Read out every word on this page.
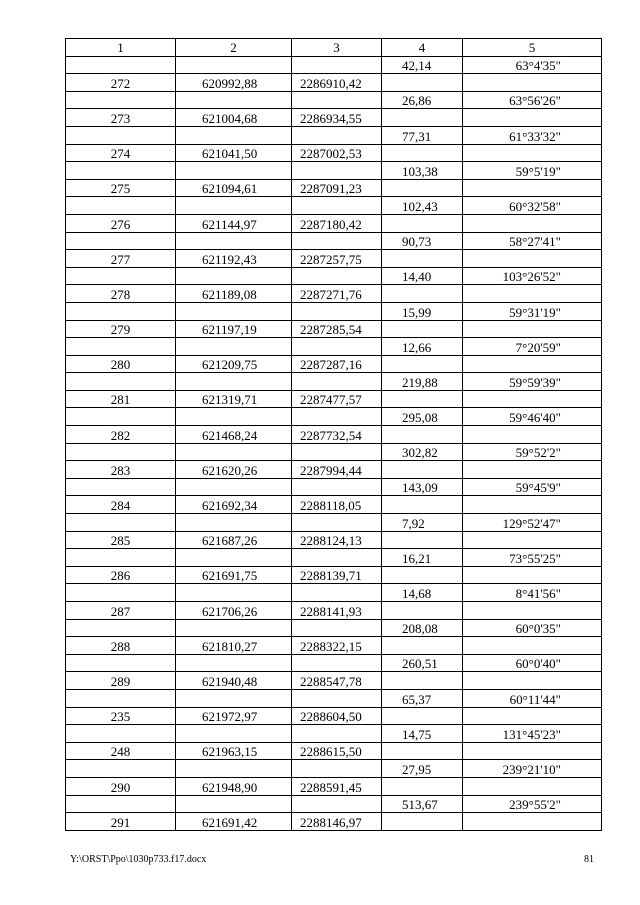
1	2	3	4	5
			42,14	63°4'35"
272	620992,88	2286910,42		
			26,86	63°56'26"
273	621004,68	2286934,55		
			77,31	61°33'32"
274	621041,50	2287002,53		
			103,38	59°5'19"
275	621094,61	2287091,23		
			102,43	60°32'58"
276	621144,97	2287180,42		
			90,73	58°27'41"
277	621192,43	2287257,75		
			14,40	103°26'52"
278	621189,08	2287271,76		
			15,99	59°31'19"
279	621197,19	2287285,54		
			12,66	7°20'59"
280	621209,75	2287287,16		
			219,88	59°59'39"
281	621319,71	2287477,57		
			295,08	59°46'40"
282	621468,24	2287732,54		
			302,82	59°52'2"
283	621620,26	2287994,44		
			143,09	59°45'9"
284	621692,34	2288118,05		
			7,92	129°52'47"
285	621687,26	2288124,13		
			16,21	73°55'25"
286	621691,75	2288139,71		
			14,68	8°41'56"
287	621706,26	2288141,93		
			208,08	60°0'35"
288	621810,27	2288322,15		
			260,51	60°0'40"
289	621940,48	2288547,78		
			65,37	60°11'44"
235	621972,97	2288604,50		
			14,75	131°45'23"
248	621963,15	2288615,50		
			27,95	239°21'10"
290	621948,90	2288591,45		
			513,67	239°55'2"
291	621691,42	2288146,97		
Y:\ORST\Ppo\1030p733.f17.docx	81
